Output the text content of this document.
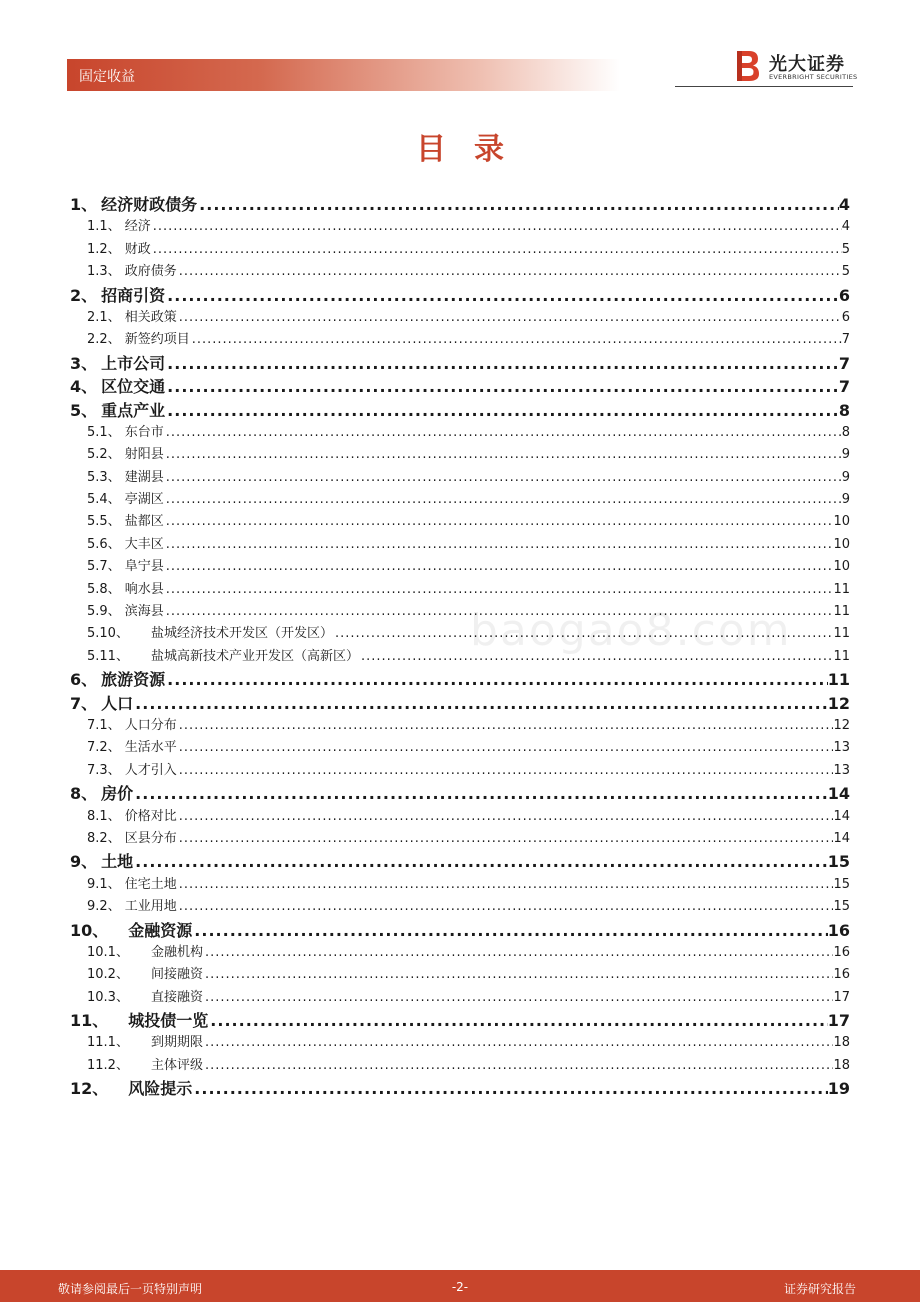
固定收益
光大证券
EVERBRIGHT SECURITIES
目录
baogao8.com
1、 经济财政债务 .....	4
1.1、 经济 .....	4
1.2、 财政 .....	5
1.3、 政府债务 .....	5
2、 招商引资 .....	6
2.1、 相关政策 .....	6
2.2、 新签约项目 .....	7
3、 上市公司 .....	7
4、 区位交通 .....	7
5、 重点产业 .....	8
5.1、 东台市 .....	8
5.2、 射阳县 .....	9
5.3、 建湖县 .....	9
5.4、 亭湖区 .....	9
5.5、 盐都区 .....	10
5.6、 大丰区 .....	10
5.7、 阜宁县 .....	10
5.8、 响水县 .....	11
5.9、 滨海县 .....	11
5.10、 盐城经济技术开发区（开发区） .....	11
5.11、 盐城高新技术产业开发区（高新区） .....	11
6、 旅游资源 .....	11
7、 人口 .....	12
7.1、 人口分布 .....	12
7.2、 生活水平 .....	13
7.3、 人才引入 .....	13
8、 房价 .....	14
8.1、 价格对比 .....	14
8.2、 区县分布 .....	14
9、 土地 .....	15
9.1、 住宅土地 .....	15
9.2、 工业用地 .....	15
10、 金融资源 .....	16
10.1、 金融机构 .....	16
10.2、 间接融资 .....	16
10.3、 直接融资 .....	17
11、 城投债一览 .....	17
11.1、 到期期限 .....	18
11.2、 主体评级 .....	18
12、 风险提示 .....	19
敬请参阅最后一页特别声明	-2-	证券研究报告
